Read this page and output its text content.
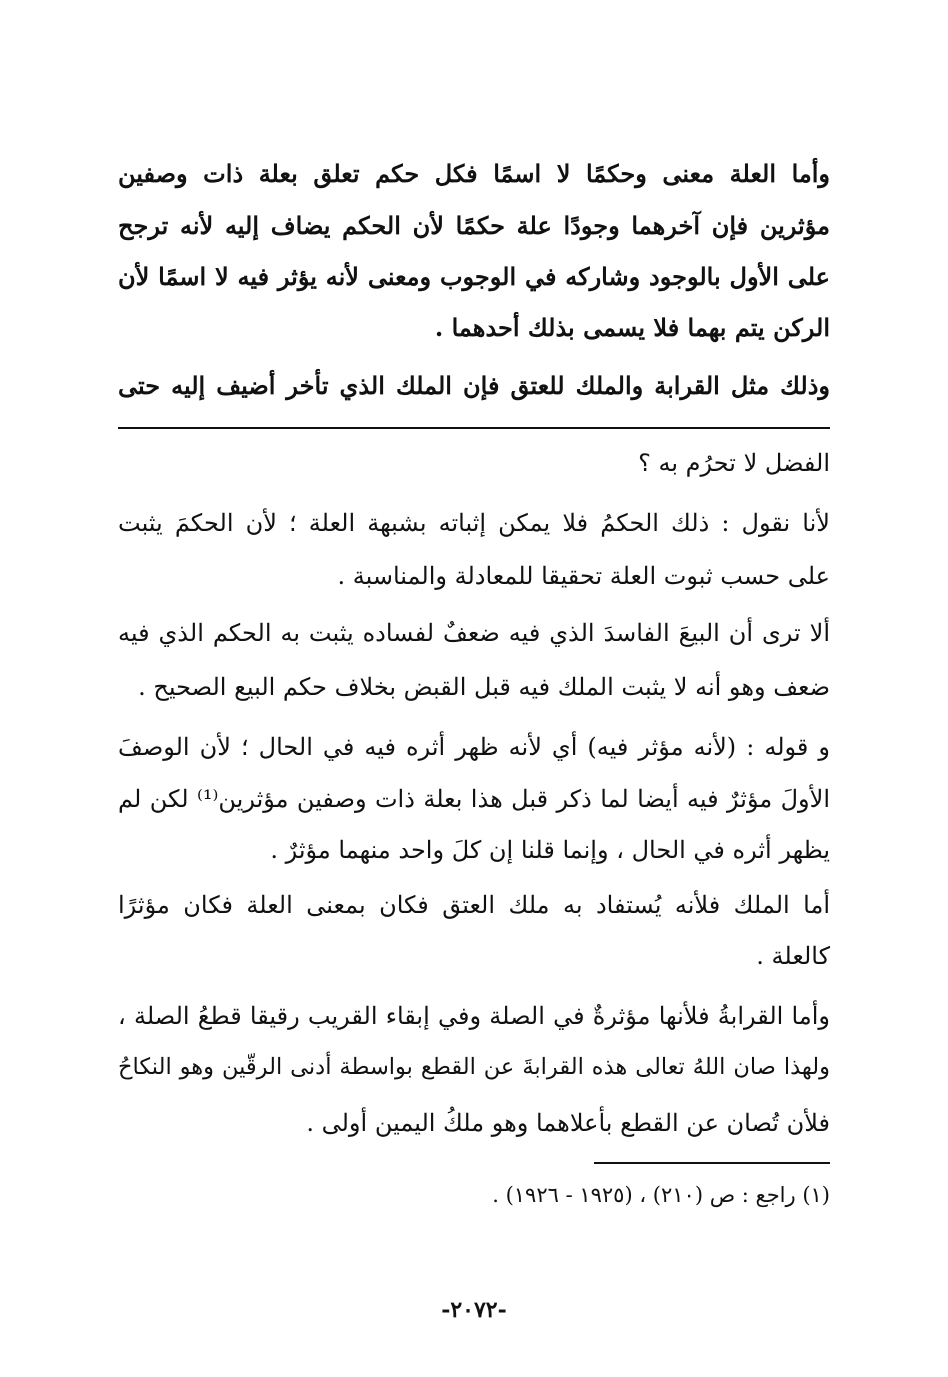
وأما العلة معنى وحكمًا لا اسمًا فكل حكم تعلق بعلة ذات وصفين
مؤثرين فإن آخرهما وجودًا علة حكمًا لأن الحكم يضاف إليه لأنه ترجح
على الأول بالوجود وشاركه في الوجوب ومعنى لأنه يؤثر فيه لا اسمًا لأن
الركن يتم بهما فلا يسمى بذلك أحدهما .
وذلك مثل القرابة والملك للعتق فإن الملك الذي تأخر أضيف إليه حتى
الفضل لا تحرُم به ؟
لأنا نقول : ذلك الحكمُ فلا يمكن إثباته بشبهة العلة ؛ لأن الحكمَ يثبت
على حسب ثبوت العلة تحقيقا للمعادلة والمناسبة .
ألا ترى أن البيعَ الفاسدَ الذي فيه ضعفٌ لفساده يثبت به الحكم الذي فيه
ضعف وهو أنه لا يثبت الملك فيه قبل القبض بخلاف حكم البيع الصحيح .
و قوله : (لأنه مؤثر فيه) أي لأنه ظهر أثره فيه في الحال ؛ لأن الوصفَ
الأولَ مؤثرٌ فيه أيضا لما ذكر قبل هذا بعلة ذات وصفين مؤثرين⁽¹⁾ لكن لم
يظهر أثره في الحال ، وإنما قلنا إن كلَ واحد منهما مؤثرٌ .
أما الملك فلأنه يُستفاد به ملك العتق فكان بمعنى العلة فكان مؤثرًا
كالعلة .
وأما القرابةُ فلأنها مؤثرةٌ في الصلة وفي إبقاء القريب رقيقا قطعُ الصلة ،
ولهذا صان اللهُ تعالى هذه القرابةَ عن القطع بواسطة أدنى الرقّين وهو النكاحُ
فلأن تُصان عن القطع بأعلاهما وهو ملكُ اليمين أولى .
(١) راجع : ص (٢١٠) ، (١٩٢٥ - ١٩٢٦) .
-٢٠٧٢-
